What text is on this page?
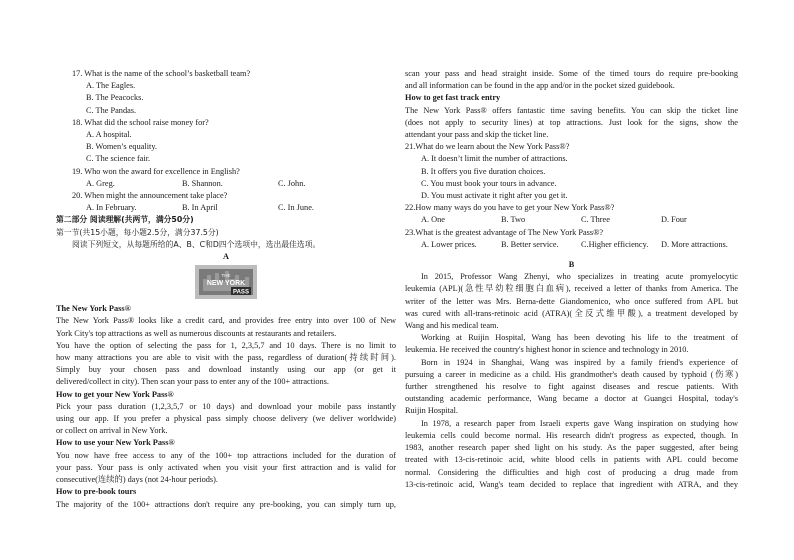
17. What is the name of the school’s basketball team?
A. The Eagles.
B. The Peacocks.
C. The Pandas.
18. What did the school raise money for?
A. A hospital.
B. Women’s equality.
C. The science fair.
19. Who won the award for excellence in English?
A. Greg.	B. Shannon.	C. John.
20. When might the announcement take place?
A. In February.	B. In April	C. In June.
第二部分 阅读理解(共两节，满分50分)
第一节(共15小题，每小题2.5分，满分37.5分)
阅读下列短文，从每题所给的A、B、C和D四个选项中，选出最佳选项。
A
THE
NEW YORK
PASS
The New York Pass®
The New York Pass® looks like a credit card, and provides free entry into over 100 of New
York City's top attractions as well as numerous discounts at restaurants and retailers.
You have the option of selecting the pass for 1, 2,3,5,7 and 10 days. There is no limit to
how many attractions you are able to visit with the pass, regardless of duration(持续时间).
Simply buy your chosen pass and download instantly using our app (or get it
delivered/collect in city). Then scan your pass to enter any of the 100+ attractions.
How to get your New York Pass®
Pick your pass duration (1,2,3,5,7 or 10 days) and download your mobile pass instantly
using our app. If you prefer a physical pass simply choose delivery (we deliver worldwide)
or collect on arrival in New York.
How to use your New York Pass®
You now have free access to any of the 100+ top attractions included for the duration of
your pass. Your pass is only activated when you visit your first attraction and is valid for
consecutive(连续的) days (not 24-hour periods).
How to pre-book tours
The majority of the 100+ attractions don't require any pre-booking, you can simply turn up,
scan your pass and head straight inside. Some of the timed tours do require pre-booking
and all information can be found in the app and/or in the pocket sized guidebook.
How to get fast track entry
The New York Pass® offers fantastic time saving benefits. You can skip the ticket line
(does not apply to security lines) at top attractions. Just look for the signs, show the
attendant your pass and skip the ticket line.
21.What do we learn about the New York Pass®?
A. It doesn’t limit the number of attractions.
B. It offers you five duration choices.
C. You must book your tours in advance.
D. You must activate it right after you get it.
22.How many ways do you have to get your New York Pass®?
A. One	B. Two	C. Three	D. Four
23.What is the greatest advantage of The New York Pass®?
A. Lower prices.	B. Better service.	C.Higher efficiency.	D. More attractions.
B
In 2015, Professor Wang Zhenyi, who specializes in treating acute promyelocytic
leukemia (APL)(急性早幼粒细胞白血病), received a letter of thanks from America. The
writer of the letter was Mrs. Berna-dette Giandomenico, who once suffered from APL but
was cured with all-trans-retinoic acid (ATRA)(全反式维甲酸), a treatment developed by
Wang and his medical team.
Working at Ruijin Hospital, Wang has been devoting his life to the treatment of
leukemia. He received the country's highest honor in science and technology in 2010.
Born in 1924 in Shanghai, Wang was inspired by a family friend's experience of
pursuing a career in medicine as a child. His grandmother's death caused by typhoid (伤寒)
further strengthened his resolve to fight against diseases and rescue patients. With
outstanding academic performance, Wang became a doctor at Guangci Hospital, today's
Ruijin Hospital.
In 1978, a research paper from Israeli experts gave Wang inspiration on studying how
leukemia cells could become normal. His research didn't progress as expected, though. In
1983, another research paper shed light on his study. As the paper suggested, after being
treated with 13-cis-retinoic acid, white blood cells in patients with APL could become
normal. Considering the difficulties and high cost of producing a drug made from
13-cis-retinoic acid, Wang's team decided to replace that ingredient with ATRA, and they
